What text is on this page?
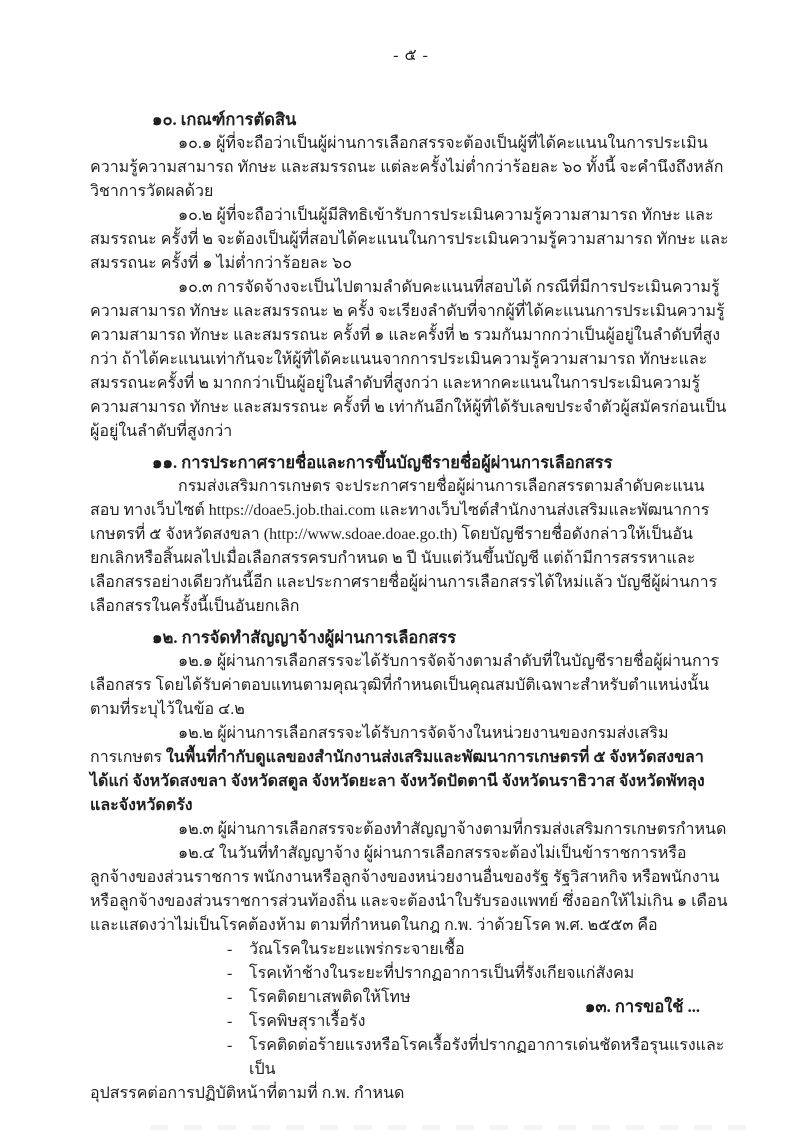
- ๕ -
๑๐. เกณฑ์การตัดสิน

๑๐.๑ ผู้ที่จะถือว่าเป็นผู้ผ่านการเลือกสรรจะต้องเป็นผู้ที่ได้คะแนนในการประเมินความรู้ความสามารถ ทักษะ และสมรรถนะ แต่ละครั้งไม่ต่ำกว่าร้อยละ ๖๐ ทั้งนี้ จะคำนึงถึงหลักวิชาการวัดผลด้วย

๑๐.๒ ผู้ที่จะถือว่าเป็นผู้มีสิทธิเข้ารับการประเมินความรู้ความสามารถ ทักษะ และสมรรถนะ ครั้งที่ ๒ จะต้องเป็นผู้ที่สอบได้คะแนนในการประเมินความรู้ความสามารถ ทักษะ และสมรรถนะ ครั้งที่ ๑ ไม่ต่ำกว่าร้อยละ ๖๐

๑๐.๓ การจัดจ้างจะเป็นไปตามลำดับคะแนนที่สอบได้ กรณีที่มีการประเมินความรู้ความสามารถ ทักษะ และสมรรถนะ ๒ ครั้ง จะเรียงลำดับที่จากผู้ที่ได้คะแนนการประเมินความรู้ความสามารถ ทักษะ และสมรรถนะ ครั้งที่ ๑ และครั้งที่ ๒ รวมกันมากกว่าเป็นผู้อยู่ในลำดับที่สูงกว่า ถ้าได้คะแนนเท่ากันจะให้ผู้ที่ได้คะแนนจากการประเมินความรู้ความสามารถ ทักษะและสมรรถนะครั้งที่ ๒ มากกว่าเป็นผู้อยู่ในลำดับที่สูงกว่า และหากคะแนนในการประเมินความรู้ความสามารถ ทักษะ และสมรรถนะ ครั้งที่ ๒ เท่ากันอีกให้ผู้ที่ได้รับเลขประจำตัวผู้สมัครก่อนเป็นผู้อยู่ในลำดับที่สูงกว่า

๑๑. การประกาศรายชื่อและการขึ้นบัญชีรายชื่อผู้ผ่านการเลือกสรร

กรมส่งเสริมการเกษตร จะประกาศรายชื่อผู้ผ่านการเลือกสรรตามลำดับคะแนนสอบ ทางเว็บไซต์ https://doae5.job.thai.com และทางเว็บไซต์สำนักงานส่งเสริมและพัฒนาการเกษตรที่ ๕ จังหวัดสงขลา (http://www.sdoae.doae.go.th) โดยบัญชีรายชื่อดังกล่าวให้เป็นอันยกเลิกหรือสิ้นผลไปเมื่อเลือกสรรครบกำหนด ๒ ปี นับแต่วันขึ้นบัญชี แต่ถ้ามีการสรรหาและเลือกสรรอย่างเดียวกันนี้อีก และประกาศรายชื่อผู้ผ่านการเลือกสรรได้ใหม่แล้ว บัญชีผู้ผ่านการเลือกสรรในครั้งนี้เป็นอันยกเลิก

๑๒. การจัดทำสัญญาจ้างผู้ผ่านการเลือกสรร

๑๒.๑ ผู้ผ่านการเลือกสรรจะได้รับการจัดจ้างตามลำดับที่ในบัญชีรายชื่อผู้ผ่านการเลือกสรร โดยได้รับค่าตอบแทนตามคุณวุฒิที่กำหนดเป็นคุณสมบัติเฉพาะสำหรับตำแหน่งนั้น ตามที่ระบุไว้ในข้อ ๔.๒

๑๒.๒ ผู้ผ่านการเลือกสรรจะได้รับการจัดจ้างในหน่วยงานของกรมส่งเสริมการเกษตร ในพื้นที่กำกับดูแลของสำนักงานส่งเสริมและพัฒนาการเกษตรที่ ๕ จังหวัดสงขลา ได้แก่ จังหวัดสงขลา จังหวัดสตูล จังหวัดยะลา จังหวัดปัตตานี จังหวัดนราธิวาส จังหวัดพัทลุง และจังหวัดตรัง

๑๒.๓ ผู้ผ่านการเลือกสรรจะต้องทำสัญญาจ้างตามที่กรมส่งเสริมการเกษตรกำหนด

๑๒.๔ ในวันที่ทำสัญญาจ้าง ผู้ผ่านการเลือกสรรจะต้องไม่เป็นข้าราชการหรือลูกจ้างของส่วนราชการ พนักงานหรือลูกจ้างของหน่วยงานอื่นของรัฐ รัฐวิสาหกิจ หรือพนักงานหรือลูกจ้างของส่วนราชการส่วนท้องถิ่น และจะต้องนำใบรับรองแพทย์ ซึ่งออกให้ไม่เกิน ๑ เดือน และแสดงว่าไม่เป็นโรคต้องห้าม ตามที่กำหนดในกฎ ก.พ. ว่าด้วยโรค พ.ศ. ๒๕๕๓ คือ

-	วัณโรคในระยะแพร่กระจายเชื้อ
-	โรคเท้าช้างในระยะที่ปรากฏอาการเป็นที่รังเกียจแก่สังคม
-	โรคติดยาเสพติดให้โทษ
-	โรคพิษสุราเรื้อรัง
-	โรคติดต่อร้ายแรงหรือโรคเรื้อรังที่ปรากฏอาการเด่นชัดหรือรุนแรงและเป็น

อุปสรรคต่อการปฏิบัติหน้าที่ตามที่ ก.พ. กำหนด

๑๓. การขอใช้ ...
